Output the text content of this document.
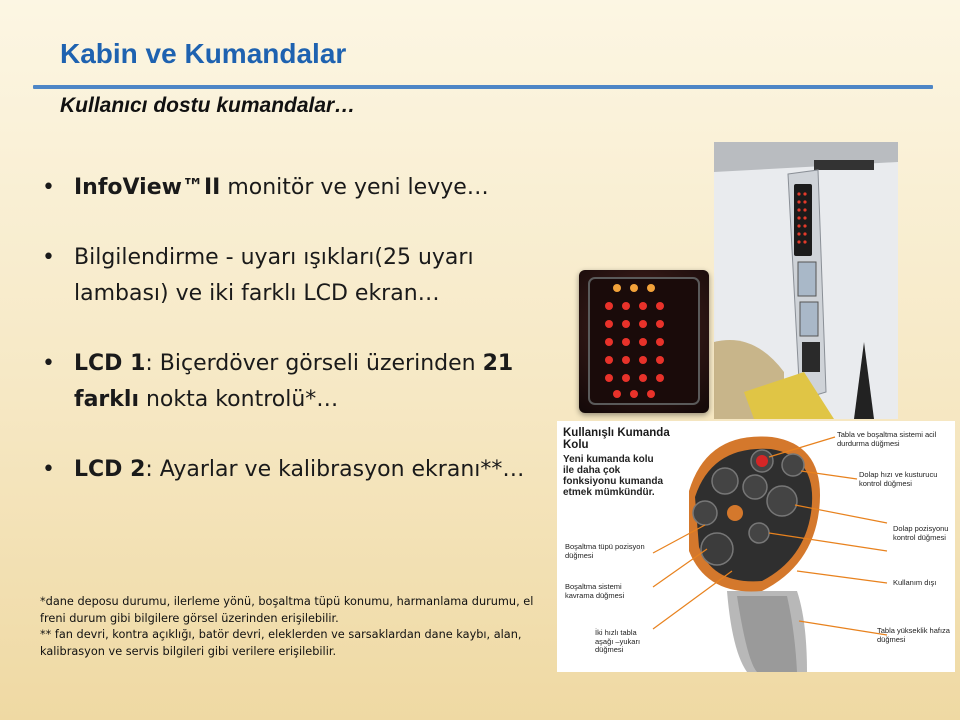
Kabin ve Kumandalar
Kullanıcı dostu kumandalar…
• InfoView™II monitör ve yeni levye…
• Bilgilendirme - uyarı ışıkları(25 uyarı lambası) ve iki farklı LCD ekran…
• LCD 1: Biçerdöver görseli üzerinden 21 farklı nokta kontrolü*…
• LCD 2: Ayarlar ve kalibrasyon ekranı**…
*dane deposu durumu, ilerleme yönü, boşaltma tüpü konumu, harmanlama durumu, el freni durum gibi bilgilere görsel üzerinden erişilebilir.
** fan devri, kontra açıklığı, batör devri, eleklerden ve sarsaklardan dane kaybı, alan, kalibrasyon ve servis bilgileri gibi verilere erişilebilir.
Kullanışlı Kumanda Kolu
Yeni kumanda kolu ile daha çok fonksiyonu kumanda etmek mümkündür.
Tabla ve boşaltma sistemi acil durdurma düğmesi
Dolap hızı ve kusturucu kontrol düğmesi
Dolap pozisyonu kontrol düğmesi
Kullanım dışı
Tabla yükseklik hafıza düğmesi
Boşaltma tüpü pozisyon düğmesi
Boşaltma sistemi kavrama düğmesi
İki hızlı tabla aşağı –yukarı düğmesi
